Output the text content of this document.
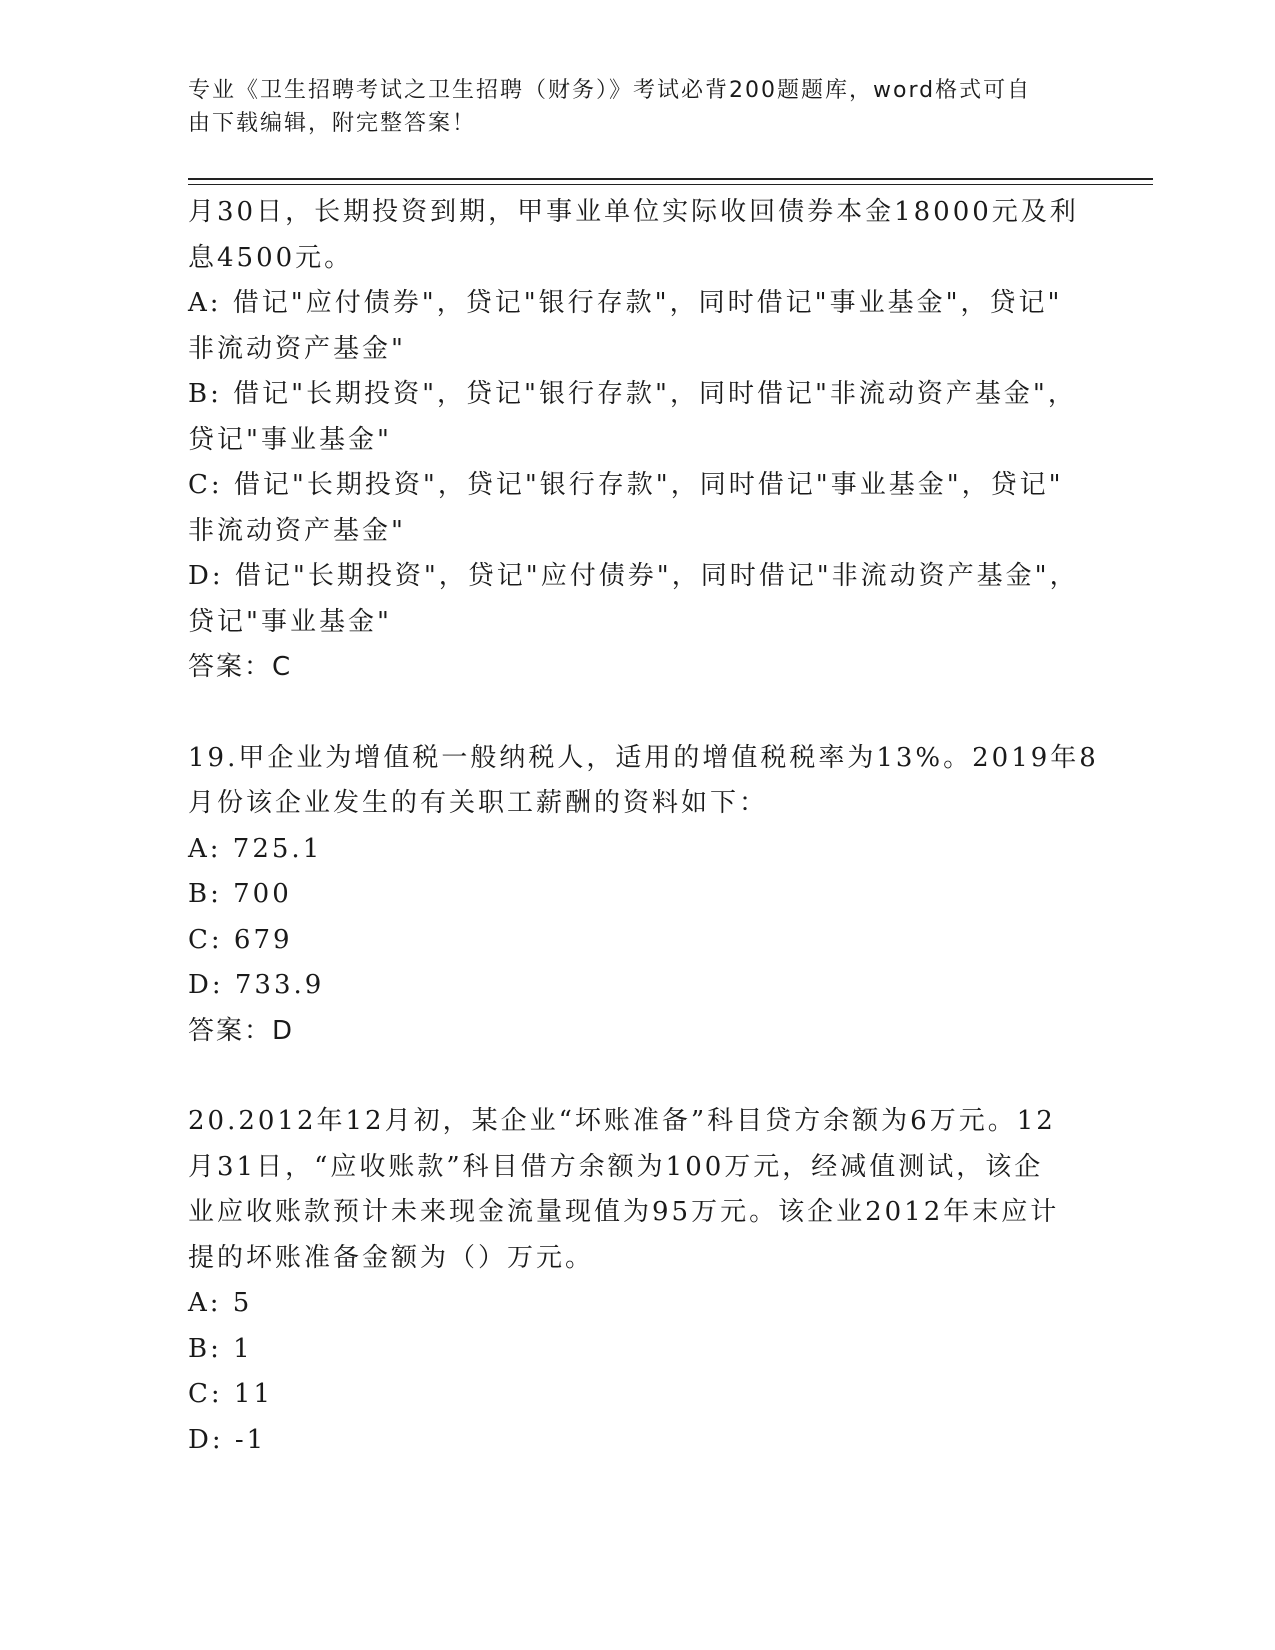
专业《卫生招聘考试之卫生招聘（财务）》考试必背200题题库，word格式可自
由下载编辑，附完整答案！
月30日，长期投资到期，甲事业单位实际收回债券本金18000元及利
息4500元。
A: 借记"应付债券"，贷记"银行存款"，同时借记"事业基金"，贷记"
非流动资产基金"
B: 借记"长期投资"，贷记"银行存款"，同时借记"非流动资产基金"，
贷记"事业基金"
C: 借记"长期投资"，贷记"银行存款"，同时借记"事业基金"，贷记"
非流动资产基金"
D: 借记"长期投资"，贷记"应付债券"，同时借记"非流动资产基金"，
贷记"事业基金"
答案：C
19.甲企业为增值税一般纳税人，适用的增值税税率为13%。2019年8
月份该企业发生的有关职工薪酬的资料如下：
A: 725.1
B: 700
C: 679
D: 733.9
答案：D
20.2012年12月初，某企业“坏账准备”科目贷方余额为6万元。12
月31日，“应收账款”科目借方余额为100万元，经减值测试，该企
业应收账款预计未来现金流量现值为95万元。该企业2012年末应计
提的坏账准备金额为（）万元。
A: 5
B: 1
C: 11
D: -1
